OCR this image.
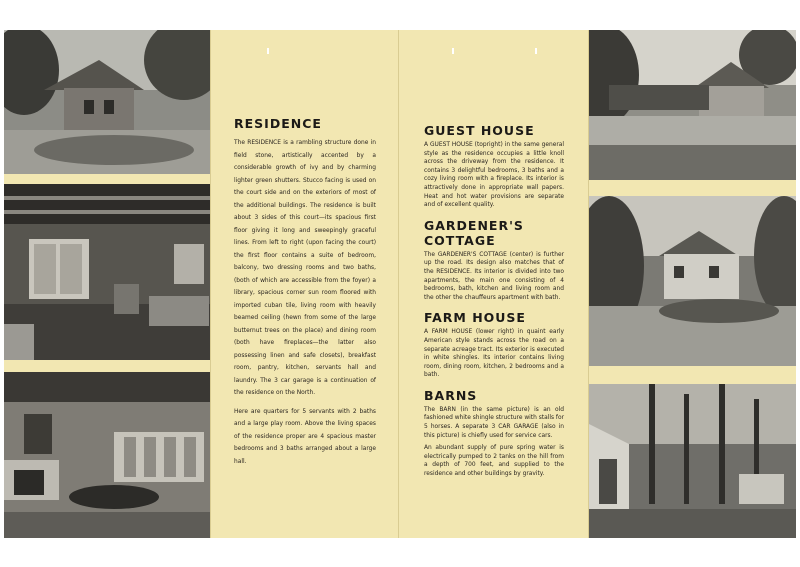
RESIDENCE

The RESIDENCE is a rambling structure done in field stone, artistically accented by a considerable growth of ivy and by charming lighter green shutters. Stucco facing is used on the court side and on the exteriors of most of the additional buildings. The residence is built about 3 sides of this court—its spacious first floor giving it long and sweepingly graceful lines. From left to right (upon facing the court) the first floor contains a suite of bedroom, balcony, two dressing rooms and two baths, (both of which are accessible from the foyer) a library, spacious corner sun room floored with imported cuban tile, living room with heavily beamed ceiling (hewn from some of the large butternut trees on the place) and dining room (both have fireplaces—the latter also possessing linen and safe closets), breakfast room, pantry, kitchen, servants hall and laundry. The 3 car garage is a continuation of the residence on the North.

Here are quarters for 5 servants with 2 baths and a large play room. Above the living spaces of the residence proper are 4 spacious master bedrooms and 3 baths arranged about a large hall.

GUEST HOUSE

A GUEST HOUSE (topright) in the same general style as the residence occupies a little knoll across the driveway from the residence. It contains 3 delightful bedrooms, 3 baths and a cozy living room with a fireplace. Its interior is attractively done in appropriate wall papers. Heat and hot water provisions are separate and of excellent quality.

GARDENER'S COTTAGE

The GARDENER'S COTTAGE (center) is further up the road. Its design also matches that of the RESIDENCE. Its interior is divided into two apartments, the main one consisting of 4 bedrooms, bath, kitchen and living room and the other the chauffeurs apartment with bath.

FARM HOUSE

A FARM HOUSE (lower right) in quaint early American style stands across the road on a separate acreage tract. Its exterior is executed in white shingles. Its interior contains living room, dining room, kitchen, 2 bedrooms and a bath.

BARNS

The BARN (in the same picture) is an old fashioned white shingle structure with stalls for 5 horses. A separate 3 CAR GARAGE (also in this picture) is chiefly used for service cars.

An abundant supply of pure spring water is electrically pumped to 2 tanks on the hill from a depth of 700 feet, and supplied to the residence and other buildings by gravity.
